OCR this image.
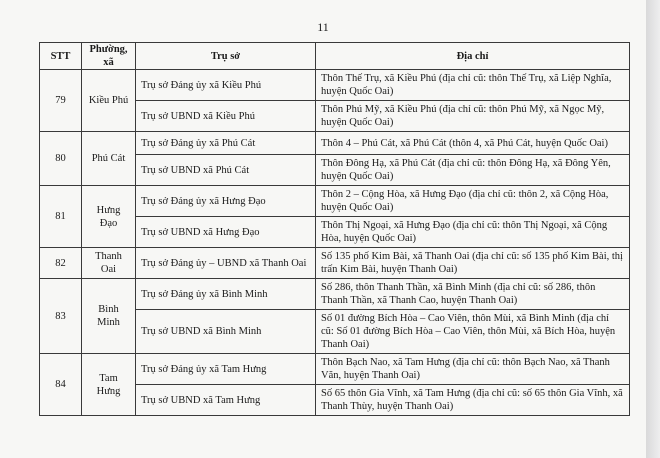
11
STT	Phường, xã	Trụ sở	Địa chỉ
79	Kiều Phú	Trụ sở Đảng ủy xã Kiều Phú	Thôn Thế Trụ, xã Kiều Phú (địa chỉ cũ: thôn Thế Trụ, xã Liệp Nghĩa, huyện Quốc Oai)
		Trụ sở UBND xã Kiều Phú	Thôn Phú Mỹ, xã Kiều Phú (địa chỉ cũ: thôn Phú Mỹ, xã Ngọc Mỹ, huyện Quốc Oai)
80	Phú Cát	Trụ sở Đảng ủy xã Phú Cát	Thôn 4 – Phú Cát, xã Phú Cát (thôn 4, xã Phú Cát, huyện Quốc Oai)
		Trụ sở UBND xã Phú Cát	Thôn Đông Hạ, xã Phú Cát (địa chỉ cũ: thôn Đông Hạ, xã Đông Yên, huyện Quốc Oai)
81	Hưng Đạo	Trụ sở Đảng ủy xã Hưng Đạo	Thôn 2 – Cộng Hòa, xã Hưng Đạo (địa chỉ cũ: thôn 2, xã Cộng Hòa, huyện Quốc Oai)
		Trụ sở UBND xã Hưng Đạo	Thôn Thị Ngoại, xã Hưng Đạo (địa chỉ cũ: thôn Thị Ngoại, xã Cộng Hòa, huyện Quốc Oai)
82	Thanh Oai	Trụ sở Đảng ủy – UBND xã Thanh Oai	Số 135 phố Kim Bài, xã Thanh Oai (địa chỉ cũ: số 135 phố Kim Bài, thị trấn Kim Bài, huyện Thanh Oai)
83	Bình Minh	Trụ sở Đảng ủy xã Bình Minh	Số 286, thôn Thanh Thần, xã Bình Minh (địa chỉ cũ: số 286, thôn Thanh Thần, xã Thanh Cao, huyện Thanh Oai)
		Trụ sở UBND xã Bình Minh	Số 01 đường Bích Hòa – Cao Viên, thôn Mùi, xã Bình Minh (địa chỉ cũ: Số 01 đường Bích Hòa – Cao Viên, thôn Mùi, xã Bích Hòa, huyện Thanh Oai)
84	Tam Hưng	Trụ sở Đảng ủy xã Tam Hưng	Thôn Bạch Nao, xã Tam Hưng (địa chỉ cũ: thôn Bạch Nao, xã Thanh Văn, huyện Thanh Oai)
		Trụ sở UBND xã Tam Hưng	Số 65 thôn Gia Vĩnh, xã Tam Hưng (địa chỉ cũ: số 65 thôn Gia Vĩnh, xã Thanh Thùy, huyện Thanh Oai)
